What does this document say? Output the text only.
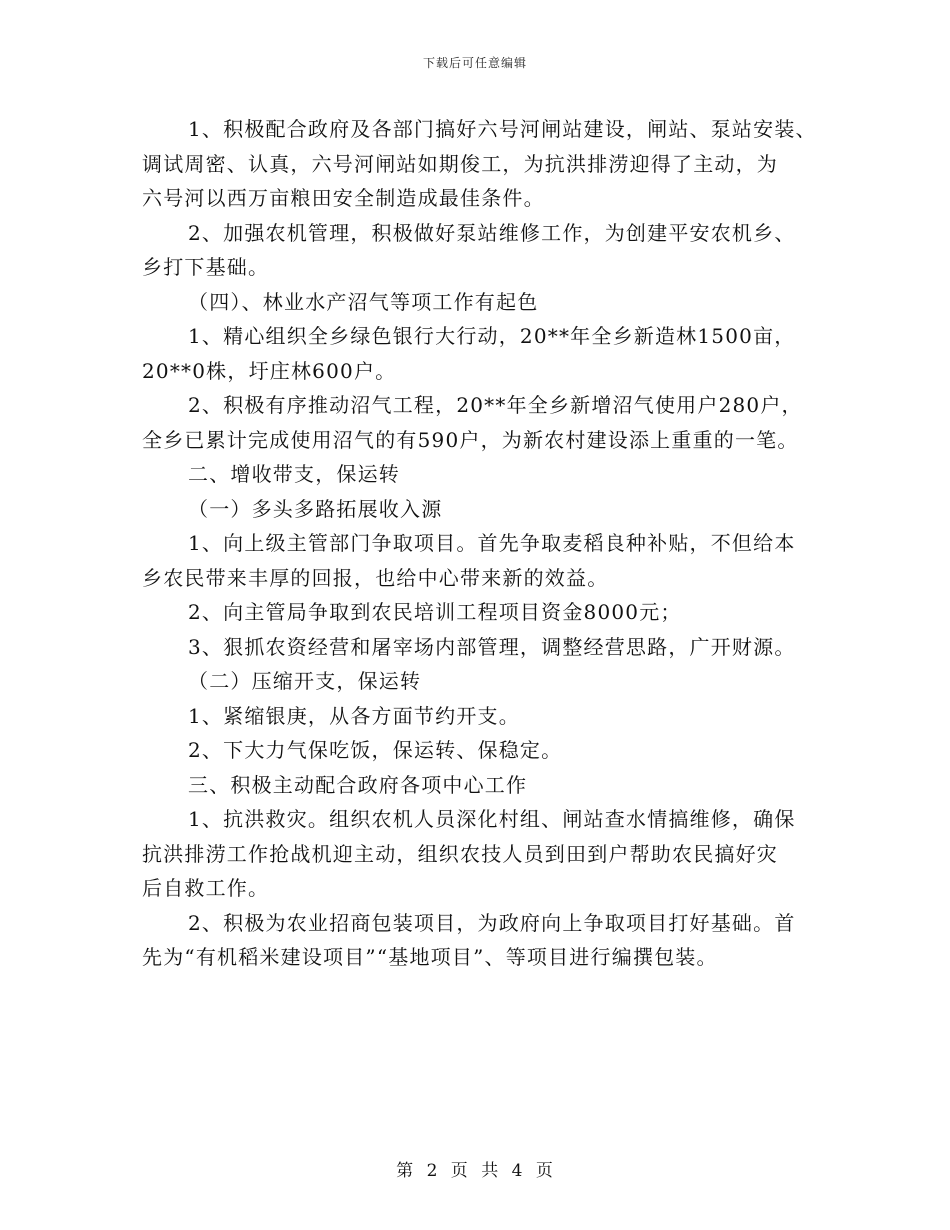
下载后可任意编辑

1、积极配合政府及各部门搞好六号河闸站建设，闸站、泵站安装、
调试周密、认真，六号河闸站如期俊工，为抗洪排涝迎得了主动，为
六号河以西万亩粮田安全制造成最佳条件。

2、加强农机管理，积极做好泵站维修工作，为创建平安农机乡、
乡打下基础。

（四）、林业水产沼气等项工作有起色

1、精心组织全乡绿色银行大行动，20**年全乡新造林1500亩，
20**0株，圩庄林600户。

2、积极有序推动沼气工程，20**年全乡新增沼气使用户280户，
全乡已累计完成使用沼气的有590户，为新农村建设添上重重的一笔。

二、增收带支，保运转

（一）多头多路拓展收入源

1、向上级主管部门争取项目。首先争取麦稻良种补贴，不但给本
乡农民带来丰厚的回报，也给中心带来新的效益。

2、向主管局争取到农民培训工程项目资金8000元；

3、狠抓农资经营和屠宰场内部管理，调整经营思路，广开财源。

（二）压缩开支，保运转

1、紧缩银庚，从各方面节约开支。

2、下大力气保吃饭，保运转、保稳定。

三、积极主动配合政府各项中心工作

1、抗洪救灾。组织农机人员深化村组、闸站查水情搞维修，确保
抗洪排涝工作抢战机迎主动，组织农技人员到田到户帮助农民搞好灾
后自救工作。

2、积极为农业招商包装项目，为政府向上争取项目打好基础。首
先为“有机稻米建设项目”“基地项目”、等项目进行编撰包装。

第 2 页 共 4 页
